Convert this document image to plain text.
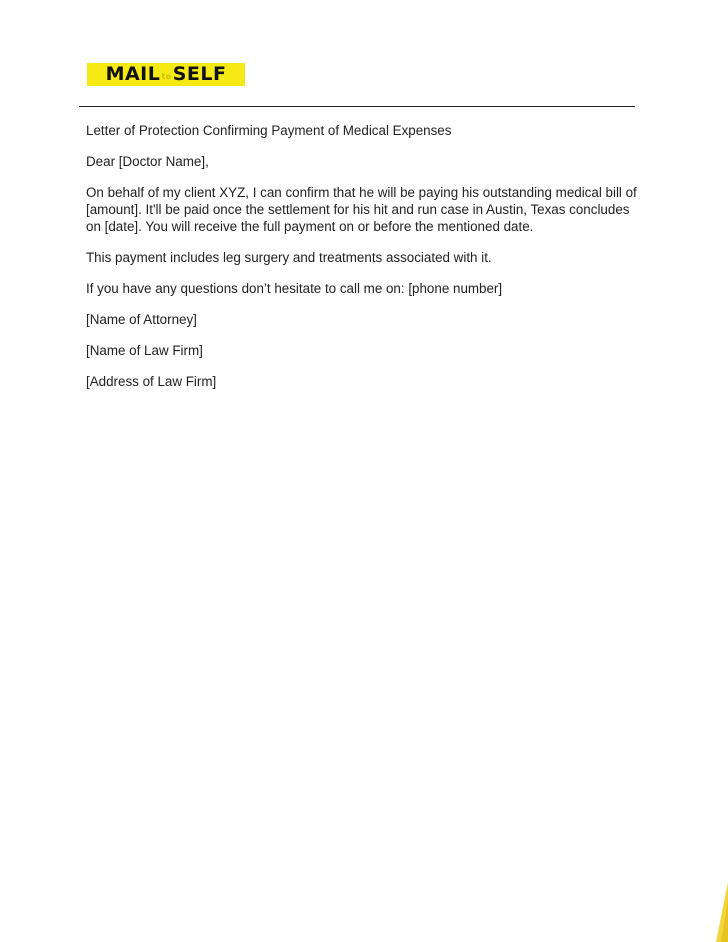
MAIL to SELF

Letter of Protection Confirming Payment of Medical Expenses

Dear [Doctor Name],

On behalf of my client XYZ, I can confirm that he will be paying his outstanding medical bill of [amount]. It'll be paid once the settlement for his hit and run case in Austin, Texas concludes on [date]. You will receive the full payment on or before the mentioned date.

This payment includes leg surgery and treatments associated with it.

If you have any questions don’t hesitate to call me on: [phone number]

[Name of Attorney]

[Name of Law Firm]

[Address of Law Firm]
